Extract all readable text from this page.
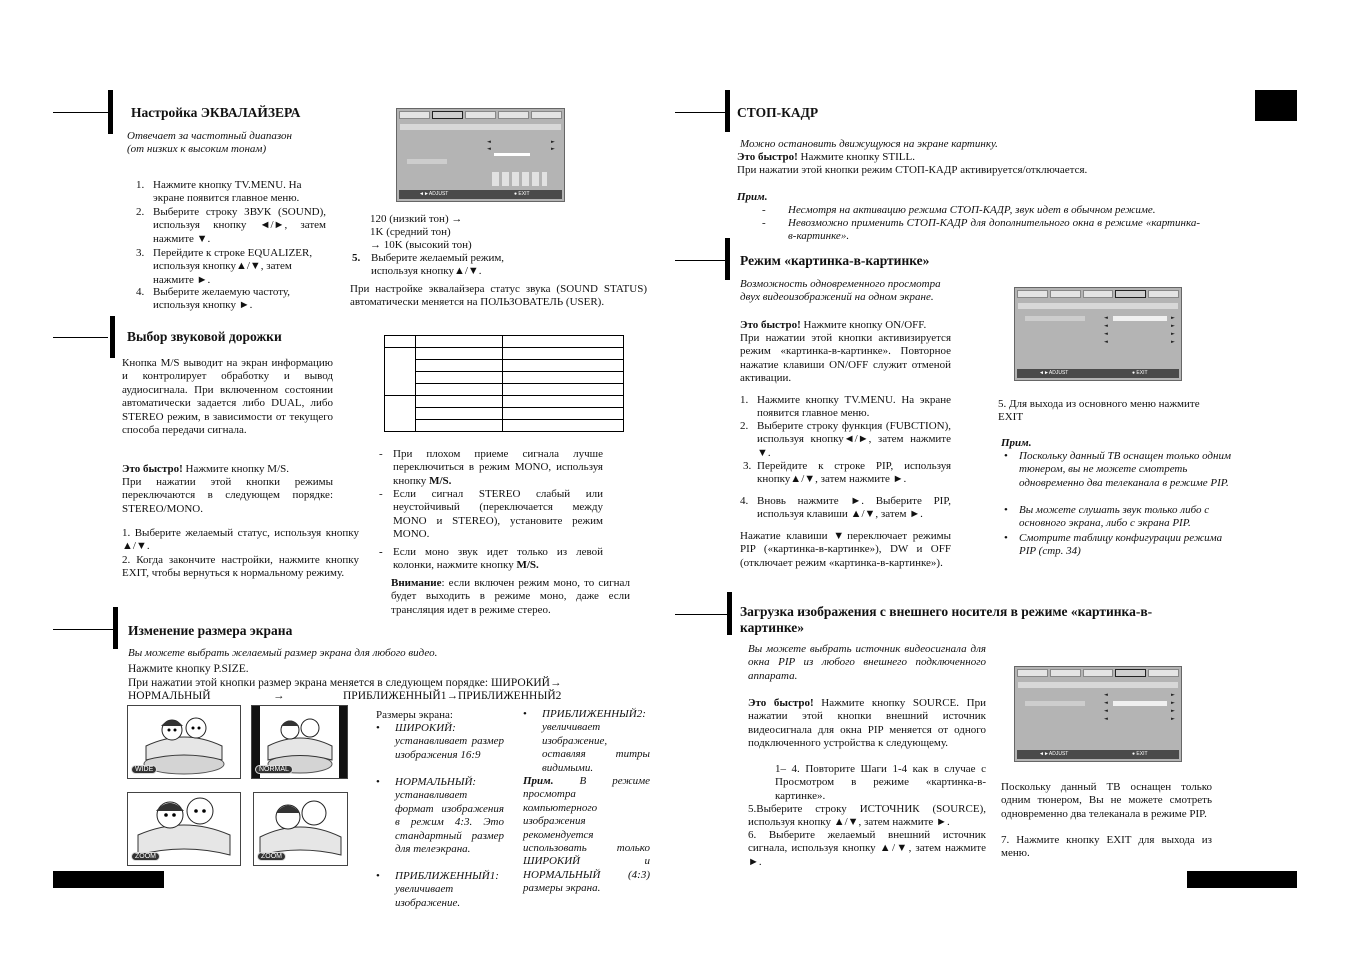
Настройка ЭКВАЛАЙЗЕРА
Отвечает за частотный диапазон (от низких к высоким тонам)
1. Нажмите кнопку TV.MENU. На экране появится главное меню.
2. Выберите строку ЗВУК (SOUND), используя кнопку ◄/►, затем нажмите ▼.
3. Перейдите к строке EQUALIZER, используя кнопку▲/▼, затем нажмите ►.
4. Выберите желаемую частоту, используя кнопку ►.
◄	►
◄	►
◄►ADJUST	● EXIT
120 (низкий тон) →
1K (средний тон)
→ 10K (высокий тон)
5. Выберите желаемый режим, используя кнопку▲/▼.
При настройке эквалайзера статус звука (SOUND STATUS) автоматически меняется на ПОЛЬЗОВАТЕЛЬ (USER).
Выбор звуковой дорожки
Кнопка M/S выводит на экран информацию и контролирует обработку и вывод аудиосигнала. При включенном состоянии автоматически задается либо DUAL, либо STEREO режим, в зависимости от текущего способа передачи сигнала.
Это быстро! Нажмите кнопку M/S.
При нажатии этой кнопки режимы переключаются в следующем порядке: STEREO/MONO.
1. Выберите желаемый статус, используя кнопку ▲/▼.
2. Когда закончите настройки, нажмите кнопку EXIT, чтобы вернуться к нормальному режиму.

- При плохом приеме сигнала лучше переключиться в режим MONO, используя кнопку M/S.
- Если сигнал STEREO слабый или неустойчивый (переключается между MONO и STEREO), установите режим MONO.
- Если моно звук идет только из левой колонки, нажмите кнопку M/S.
Внимание: если включен режим моно, то сигнал будет выходить в режиме моно, даже если трансляция идет в режиме стерео.
Изменение размера экрана
Вы можете выбрать желаемый размер экрана для любого видео.
Нажмите кнопку P.SIZE.
При нажатии этой кнопки размер экрана меняется в следующем порядке: ШИРОКИЙ→
НОРМАЛЬНЫЙ	→	ПРИБЛИЖЕННЫЙ1→ПРИБЛИЖЕННЫЙ2
WIDE	NORMAL
ZOOM	ZOOM
Размеры экрана:
•	ШИРОКИЙ: устанавливает размер изображения 16:9
•	НОРМАЛЬНЫЙ: устанавливает формат изображения в режим 4:3. Это стандартный размер для телеэкрана.
•	ПРИБЛИЖЕННЫЙ1: увеличивает изображение.
•	ПРИБЛИЖЕННЫЙ2: увеличивает изображение, оставляя титры видимыми.
Прим. В режиме просмотра компьютерного изображения рекомендуется использовать только ШИРОКИЙ и НОРМАЛЬНЫЙ (4:3) размеры экрана.
СТОП-КАДР
Можно остановить движущуюся на экране картинку.
Это быстро! Нажмите кнопку STILL.
При нажатии этой кнопки режим СТОП-КАДР активируется/отключается.
Прим.
-	Несмотря на активацию режима СТОП-КАДР, звук идет в обычном режиме.
-	Невозможно применить СТОП-КАДР для дополнительного окна в режиме «картинка-в-картинке».
Режим «картинка-в-картинке»
Возможность одновременного просмотра двух видеоизображений на одном экране.
Это быстро! Нажмите кнопку ON/OFF.
При нажатии этой кнопки активизируется режим «картинка-в-картинке». Повторное нажатие клавиши ON/OFF служит отменой активации.
1. Нажмите кнопку TV.MENU. На экране появится главное меню.
2. Выберите строку функция (FUBCTION), используя кнопку◄/►, затем нажмите ▼.
3. Перейдите к строке PIP, используя кнопку▲/▼, затем нажмите ►.
4. Вновь нажмите ►. Выберите PIP, используя клавиши ▲/▼, затем ►.
Нажатие клавиши ▼переключает режимы PIP («картинка-в-картинке»), DW и OFF (отключает режим «картинка-в-картинке»).
◄	►
◄	►
◄	►
◄	►
◄►ADJUST	● EXIT
5. Для выхода из основного меню нажмите EXIT
Прим.
•	Поскольку данный ТВ оснащен только одним тюнером, вы не можете смотреть одновременно два телеканала в режиме PIP.
•	Вы можете слушать звук только либо с основного экрана, либо с экрана PIP.
•	Смотрите таблицу конфигурации режима PIP (стр. 34)
Загрузка изображения с внешнего носителя в режиме «картинка-в-
картинке»
Вы можете выбрать источник видеосигнала для окна PIP из любого внешнего подключенного аппарата.
Это быстро! Нажмите кнопку SOURCE. При нажатии этой кнопки внешний источник видеосигнала для окна PIP меняется от одного подключенного устройства к следующему.
1– 4. Повторите Шаги 1-4 как в случае с Просмотром в режиме «картинка-в-картинке».
5.Выберите строку ИСТОЧНИК (SOURCE), используя кнопку ▲/▼, затем нажмите ►.
6. Выберите желаемый внешний источник сигнала, используя кнопку ▲/▼, затем нажмите ►.
◄	►
◄	►
◄	►
◄	►
◄►ADJUST	● EXIT
Поскольку данный ТВ оснащен только одним тюнером, Вы не можете смотреть одновременно два телеканала в режиме PIP.
7. Нажмите кнопку EXIT для выхода из меню.
